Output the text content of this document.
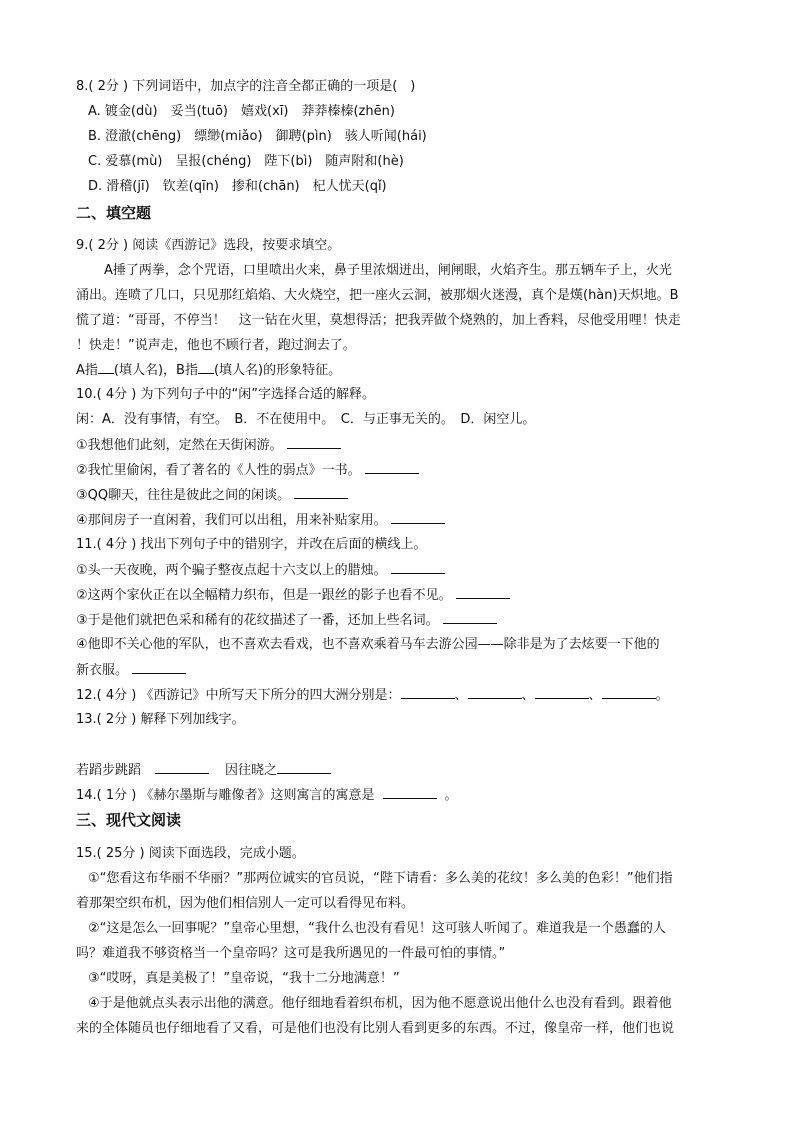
8.( 2分 ) 下列词语中，加点字的注音全都正确的一项是(　)
A. 镀金(dù)　妥当(tuō)　嬉戏(xī)　莽莽榛榛(zhēn)
B. 澄澈(chēng)　缥缈(miǎo)　御聘(pìn)　骇人听闻(hái)
C. 爱慕(mù)　呈报(chéng)　陛下(bì)　随声附和(hè)
D. 滑稽(jī)　钦差(qīn)　掺和(chān)　杞人忧天(qǐ)
二、填空题
9.( 2分 ) 阅读《西游记》选段，按要求填空。
A捶了两拳，念个咒语，口里喷出火来，鼻子里浓烟迸出，闸闸眼，火焰齐生。那五辆车子上，火光
涌出。连喷了几口，只见那红焰焰、大火烧空，把一座火云洞，被那烟火迷漫，真个是熯(hàn)天炽地。B
慌了道：“哥哥，不停当！　这一钻在火里，莫想得活；把我弄做个烧熟的，加上香料，尽他受用哩！快走
！快走！”说声走，他也不顾行者，跑过涧去了。
A指 (填人名)，B指 (填人名)的形象特征。
10.( 4分 ) 为下列句子中的“闲”字选择合适的解释。
闲：A．没有事情，有空。　B．不在使用中。　C．与正事无关的。　D．闲空儿。
①我想他们此刻，定然在天街闲游。
②我忙里偷闲，看了著名的《人性的弱点》一书。
③QQ聊天，往往是彼此之间的闲谈。
④那间房子一直闲着，我们可以出租，用来补贴家用。
11.( 4分 ) 找出下列句子中的错别字，并改在后面的横线上。
①头一天夜晚，两个骗子整夜点起十六支以上的腊烛。
②这两个家伙正在以全幅精力织布，但是一跟丝的影子也看不见。
③于是他们就把色采和稀有的花纹描述了一番，还加上些名词。
④他即不关心他的军队，也不喜欢去看戏，也不喜欢乘着马车去游公园——除非是为了去炫要一下他的
新衣服。
12.( 4分 ) 《西游记》中所写天下所分的四大洲分别是：	、	、	、	。
13.( 2分 ) 解释下列加线字。
若蹈步跳蹈	因往晓之
14.( 1分 ) 《赫尔墨斯与雕像者》这则寓言的寓意是	。
三、现代文阅读
15.( 25分 ) 阅读下面选段，完成小题。
①“您看这布华丽不华丽？”那两位诚实的官员说，“陛下请看：多么美的花纹！多么美的色彩！”他们指
着那架空织布机，因为他们相信别人一定可以看得见布料。
②“这是怎么一回事呢？”皇帝心里想，“我什么也没有看见！这可骇人听闻了。难道我是一个愚蠢的人
吗？难道我不够资格当一个皇帝吗？这可是我所遇见的一件最可怕的事情。”
③“哎呀，真是美极了！”皇帝说，“我十二分地满意！”
④于是他就点头表示出他的满意。他仔细地看着织布机，因为他不愿意说出他什么也没有看到。跟着他
来的全体随员也仔细地看了又看，可是他们也没有比别人看到更多的东西。不过，像皇帝一样，他们也说
